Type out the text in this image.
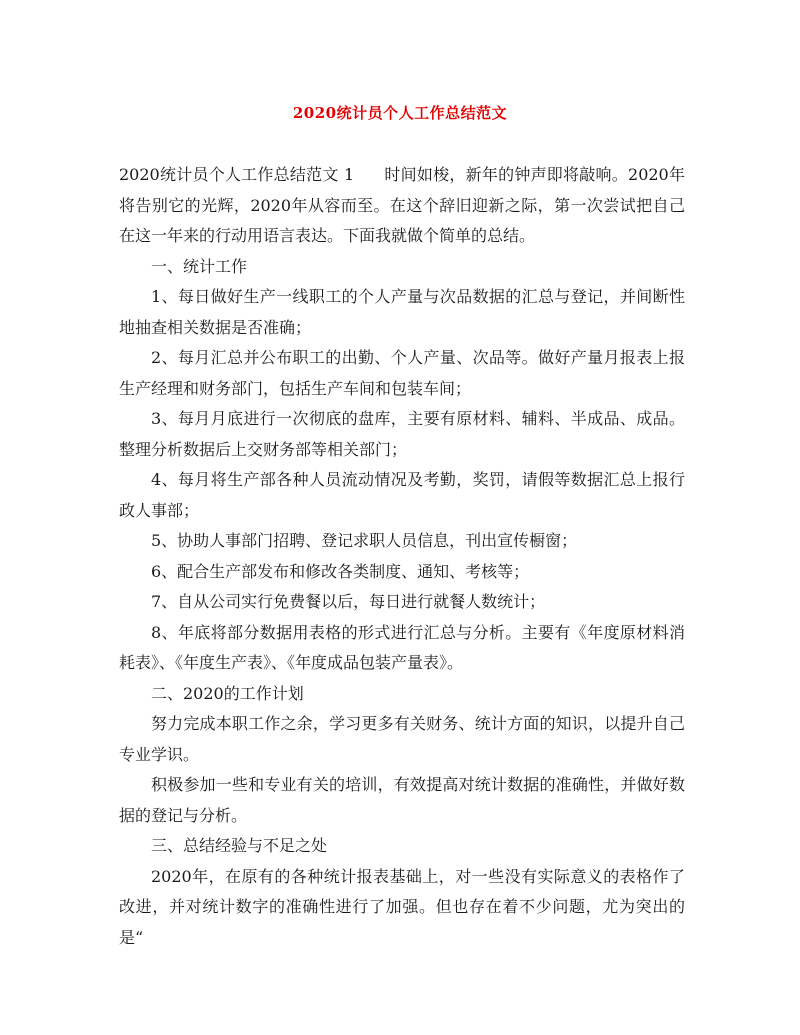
2020统计员个人工作总结范文

2020统计员个人工作总结范文 1 时间如梭，新年的钟声即将敲响。2020年将告别它的光辉，2020年从容而至。在这个辞旧迎新之际，第一次尝试把自己在这一年来的行动用语言表达。下面我就做个简单的总结。

一、统计工作

1、每日做好生产一线职工的个人产量与次品数据的汇总与登记，并间断性地抽查相关数据是否准确；

2、每月汇总并公布职工的出勤、个人产量、次品等。做好产量月报表上报生产经理和财务部门，包括生产车间和包装车间；

3、每月月底进行一次彻底的盘库，主要有原材料、辅料、半成品、成品。整理分析数据后上交财务部等相关部门；

4、每月将生产部各种人员流动情况及考勤，奖罚，请假等数据汇总上报行政人事部；

5、协助人事部门招聘、登记求职人员信息，刊出宣传橱窗；

6、配合生产部发布和修改各类制度、通知、考核等；

7、自从公司实行免费餐以后，每日进行就餐人数统计；

8、年底将部分数据用表格的形式进行汇总与分析。主要有《年度原材料消耗表》、《年度生产表》、《年度成品包装产量表》。

二、2020的工作计划

努力完成本职工作之余，学习更多有关财务、统计方面的知识，以提升自己专业学识。

积极参加一些和专业有关的培训，有效提高对统计数据的准确性，并做好数据的登记与分析。

三、总结经验与不足之处

2020年，在原有的各种统计报表基础上，对一些没有实际意义的表格作了改进，并对统计数字的准确性进行了加强。但也存在着不少问题，尤为突出的是“
